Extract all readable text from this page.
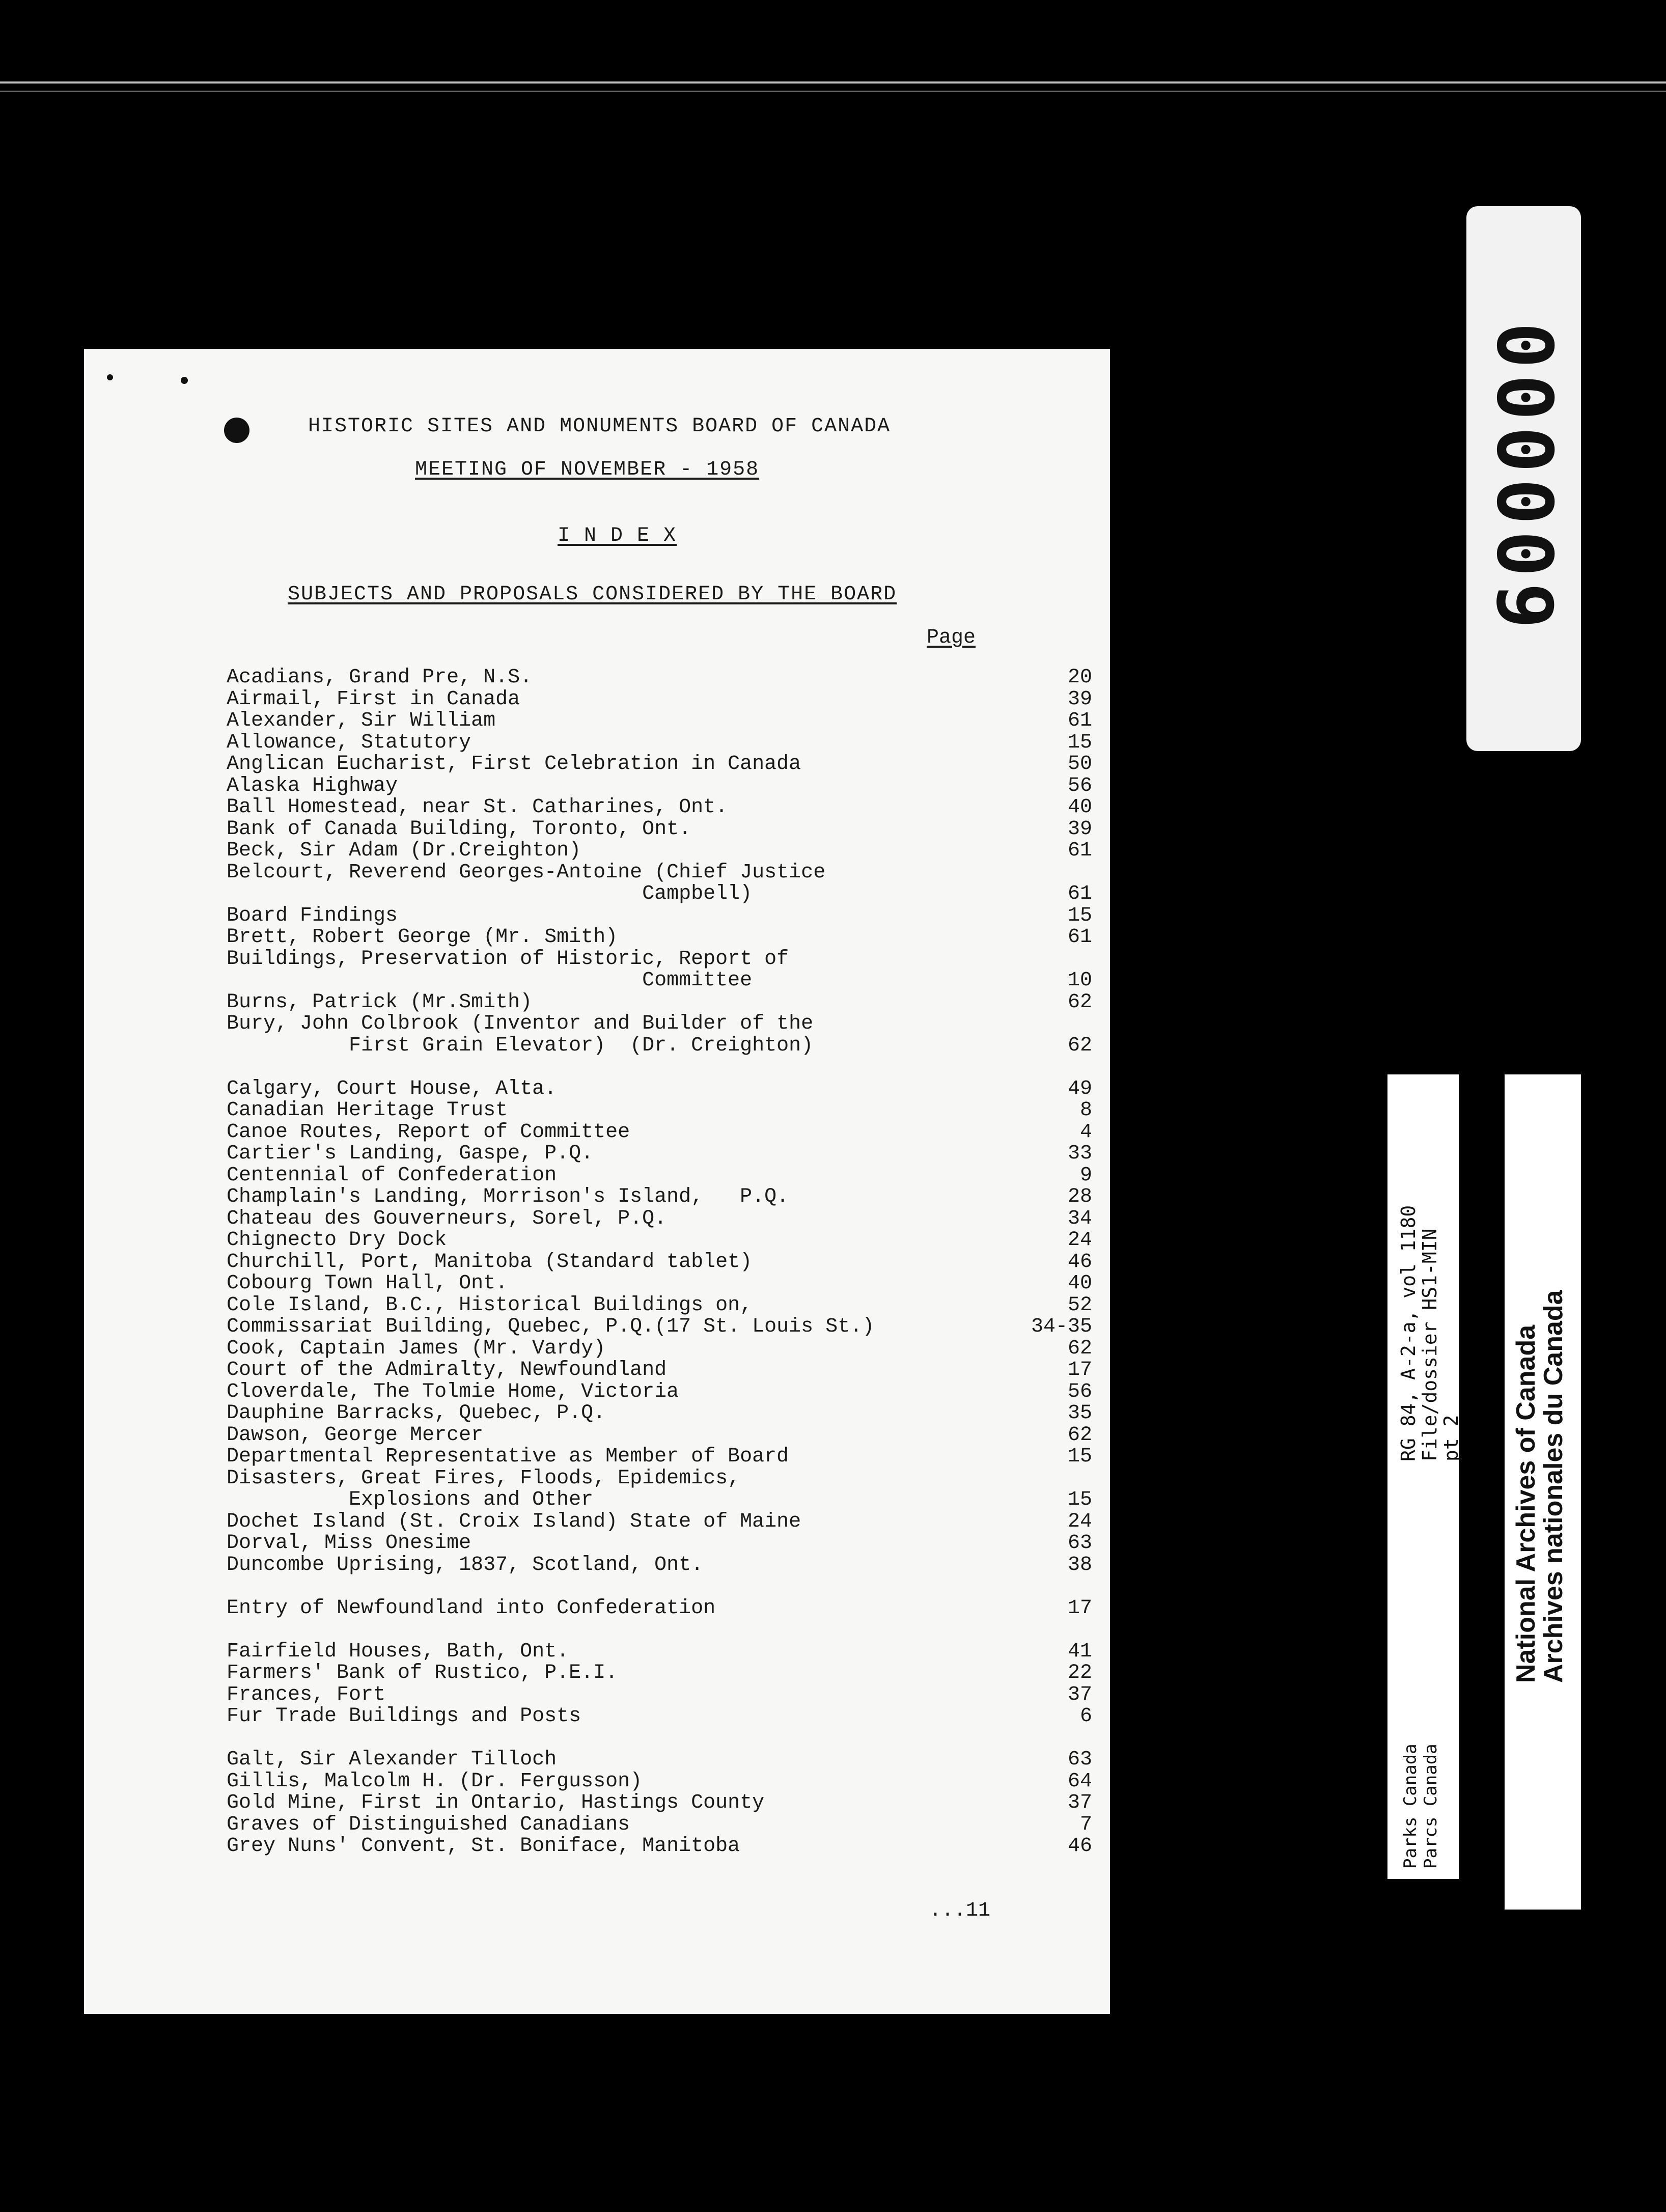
HISTORIC SITES AND MONUMENTS BOARD OF CANADA
MEETING OF NOVEMBER - 1958
I N D E X
SUBJECTS AND PROPOSALS CONSIDERED BY THE BOARD
Page
Acadians, Grand Pre, N.S.	20
Airmail, First in Canada	39
Alexander, Sir William	61
Allowance, Statutory	15
Anglican Eucharist, First Celebration in Canada	50
Alaska Highway	56
Ball Homestead, near St. Catharines, Ont.	40
Bank of Canada Building, Toronto, Ont.	39
Beck, Sir Adam (Dr.Creighton)	61
Belcourt, Reverend Georges-Antoine (Chief Justice
Campbell)	61
Board Findings	15
Brett, Robert George (Mr. Smith)	61
Buildings, Preservation of Historic, Report of
Committee	10
Burns, Patrick (Mr.Smith)	62
Bury, John Colbrook (Inventor and Builder of the
First Grain Elevator)  (Dr. Creighton)	62
Calgary, Court House, Alta.	49
Canadian Heritage Trust	8
Canoe Routes, Report of Committee	4
Cartier's Landing, Gaspe, P.Q.	33
Centennial of Confederation	9
Champlain's Landing, Morrison's Island,   P.Q.	28
Chateau des Gouverneurs, Sorel, P.Q.	34
Chignecto Dry Dock	24
Churchill, Port, Manitoba (Standard tablet)	46
Cobourg Town Hall, Ont.	40
Cole Island, B.C., Historical Buildings on,	52
Commissariat Building, Quebec, P.Q.(17 St. Louis St.)	34-35
Cook, Captain James (Mr. Vardy)	62
Court of the Admiralty, Newfoundland	17
Cloverdale, The Tolmie Home, Victoria	56
Dauphine Barracks, Quebec, P.Q.	35
Dawson, George Mercer	62
Departmental Representative as Member of Board	15
Disasters, Great Fires, Floods, Epidemics,
Explosions and Other	15
Dochet Island (St. Croix Island) State of Maine	24
Dorval, Miss Onesime	63
Duncombe Uprising, 1837, Scotland, Ont.	38
Entry of Newfoundland into Confederation	17
Fairfield Houses, Bath, Ont.	41
Farmers' Bank of Rustico, P.E.I.	22
Frances, Fort	37
Fur Trade Buildings and Posts	6
Galt, Sir Alexander Tilloch	63
Gillis, Malcolm H. (Dr. Fergusson)	64
Gold Mine, First in Ontario, Hastings County	37
Graves of Distinguished Canadians	7
Grey Nuns' Convent, St. Boniface, Manitoba	46
...11
000009
RG 84, A-2-a, vol 1180
File/dossier HS1-MIN
pt 2
Parks Canada Parcs Canada
National Archives of Canada
Archives nationales du Canada
